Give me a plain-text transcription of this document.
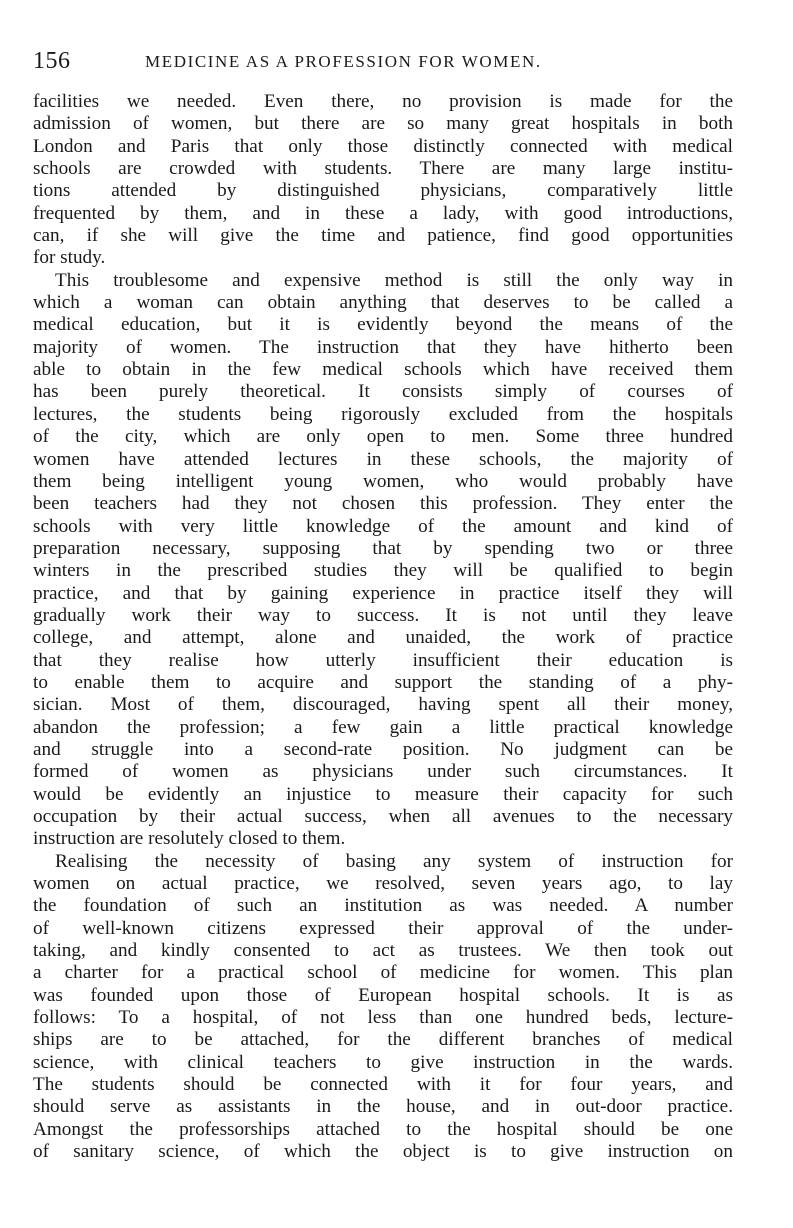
156	MEDICINE AS A PROFESSION FOR WOMEN.
facilities we needed. Even there, no provision is made for the
admission of women, but there are so many great hospitals in both
London and Paris that only those distinctly connected with medical
schools are crowded with students. There are many large institu-
tions attended by distinguished physicians, comparatively little
frequented by them, and in these a lady, with good introductions,
can, if she will give the time and patience, find good opportunities
for study.
This troublesome and expensive method is still the only way in
which a woman can obtain anything that deserves to be called a
medical education, but it is evidently beyond the means of the
majority of women. The instruction that they have hitherto been
able to obtain in the few medical schools which have received them
has been purely theoretical. It consists simply of courses of
lectures, the students being rigorously excluded from the hospitals
of the city, which are only open to men. Some three hundred
women have attended lectures in these schools, the majority of
them being intelligent young women, who would probably have
been teachers had they not chosen this profession. They enter the
schools with very little knowledge of the amount and kind of
preparation necessary, supposing that by spending two or three
winters in the prescribed studies they will be qualified to begin
practice, and that by gaining experience in practice itself they will
gradually work their way to success. It is not until they leave
college, and attempt, alone and unaided, the work of practice
that they realise how utterly insufficient their education is
to enable them to acquire and support the standing of a phy-
sician. Most of them, discouraged, having spent all their money,
abandon the profession; a few gain a little practical knowledge
and struggle into a second-rate position. No judgment can be
formed of women as physicians under such circumstances. It
would be evidently an injustice to measure their capacity for such
occupation by their actual success, when all avenues to the necessary
instruction are resolutely closed to them.
Realising the necessity of basing any system of instruction for
women on actual practice, we resolved, seven years ago, to lay
the foundation of such an institution as was needed. A number
of well-known citizens expressed their approval of the under-
taking, and kindly consented to act as trustees. We then took out
a charter for a practical school of medicine for women. This plan
was founded upon those of European hospital schools. It is as
follows: To a hospital, of not less than one hundred beds, lecture-
ships are to be attached, for the different branches of medical
science, with clinical teachers to give instruction in the wards.
The students should be connected with it for four years, and
should serve as assistants in the house, and in out-door practice.
Amongst the professorships attached to the hospital should be one
of sanitary science, of which the object is to give instruction on
